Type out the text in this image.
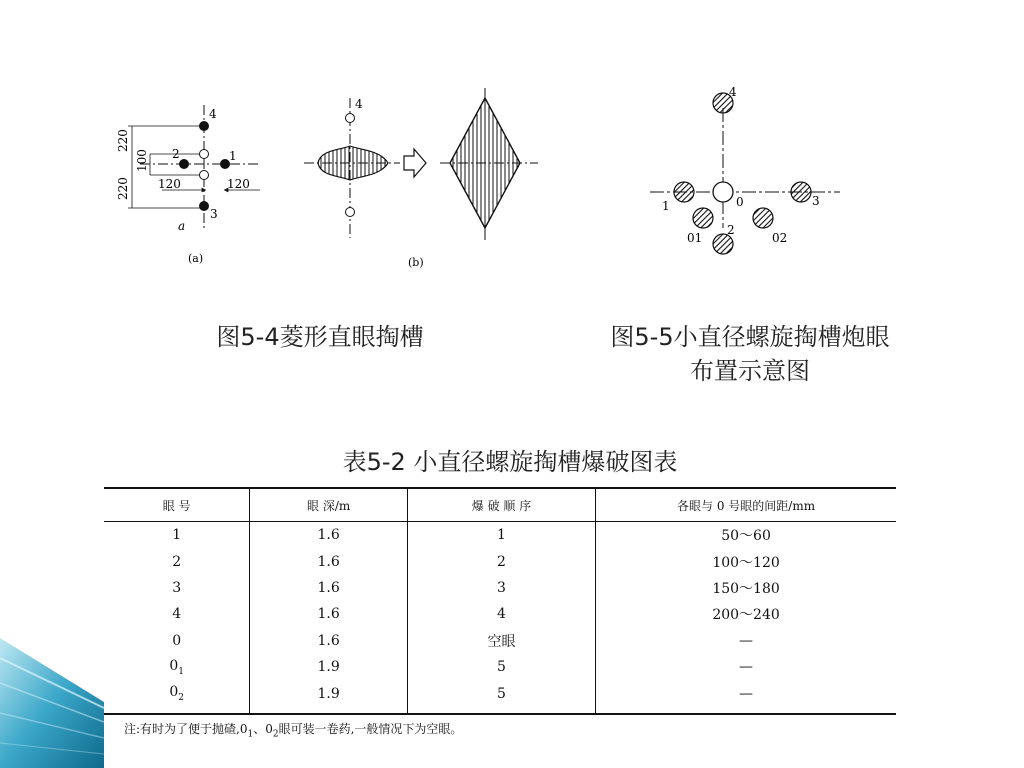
4
2	1
3
220
220
100
120	120
a
(a)
4
(b)
4
1	0	3
01	02
2
图5-4菱形直眼掏槽	图5-5小直径螺旋掏槽炮眼
布置示意图
表5-2 小直径螺旋掏槽爆破图表
眼 号	眼 深/m	爆 破 顺 序	各眼与 0 号眼的间距/mm
1	1.6	1	50～60
2	1.6	2	100～120
3	1.6	3	150～180
4	1.6	4	200～240
0	1.6	空眼	—
$0_1$	1.9	5	—
$0_2$	1.9	5	—
注:有时为了便于抛碴$,0_1$、$0_2$眼可装一卷药,一般情况下为空眼。
